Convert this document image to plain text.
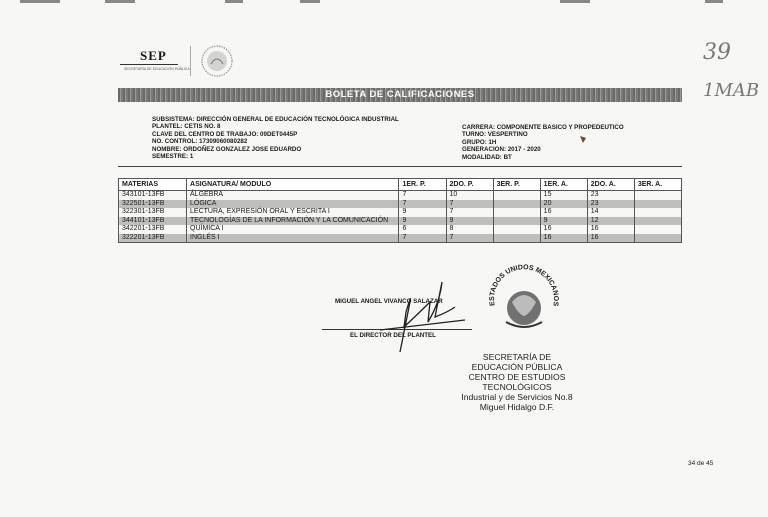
SEP
SECRETARÍA DE EDUCACIÓN PÚBLICA
39
1MAB
BOLETA DE CALIFICACIONES
SUBSISTEMA: DIRECCIÓN GENERAL DE EDUCACIÓN TECNOLÓGICA INDUSTRIAL
PLANTEL: CETIS NO. 8
CLAVE DEL CENTRO DE TRABAJO: 09DET0445P
NO. CONTROL: 17309060080282
NOMBRE: ORDOÑEZ GONZALEZ JOSE EDUARDO
SEMESTRE: 1
CARRERA: COMPONENTE BASICO Y PROPEDEUTICO
TURNO: VESPERTINO
GRUPO: 1H
GENERACION: 2017 - 2020
MODALIDAD: BT
MATERIAS	ASIGNATURA/ MODULO	1ER. P.	2DO. P.	3ER. P.	1ER. A.	2DO. A.	3ER. A.
343101-13FB	ÁLGEBRA	7	10		15	23	
322501-13FB	LÓGICA	7	7		20	23	
322301-13FB	LECTURA, EXPRESIÓN ORAL Y ESCRITA I	9	7		16	14	
344101-13FB	TECNOLOGÍAS DE LA INFORMACIÓN Y LA COMUNICACIÓN	9	9		9	12	
342201-13FB	QUÍMICA I	6	8		16	16	
322201-13FB	INGLÉS I	7	7		16	16	
MIGUEL ANGEL VIVANCO SALAZAR
EL DIRECTOR DEL PLANTEL
ESTADOS UNIDOS MEXICANOS
SECRETARÍA DE
EDUCACIÓN PÚBLICA
CENTRO DE ESTUDIOS
TECNOLÓGICOS
Industrial y de Servicios No.8
Miguel Hidalgo D.F.
34 de 45
